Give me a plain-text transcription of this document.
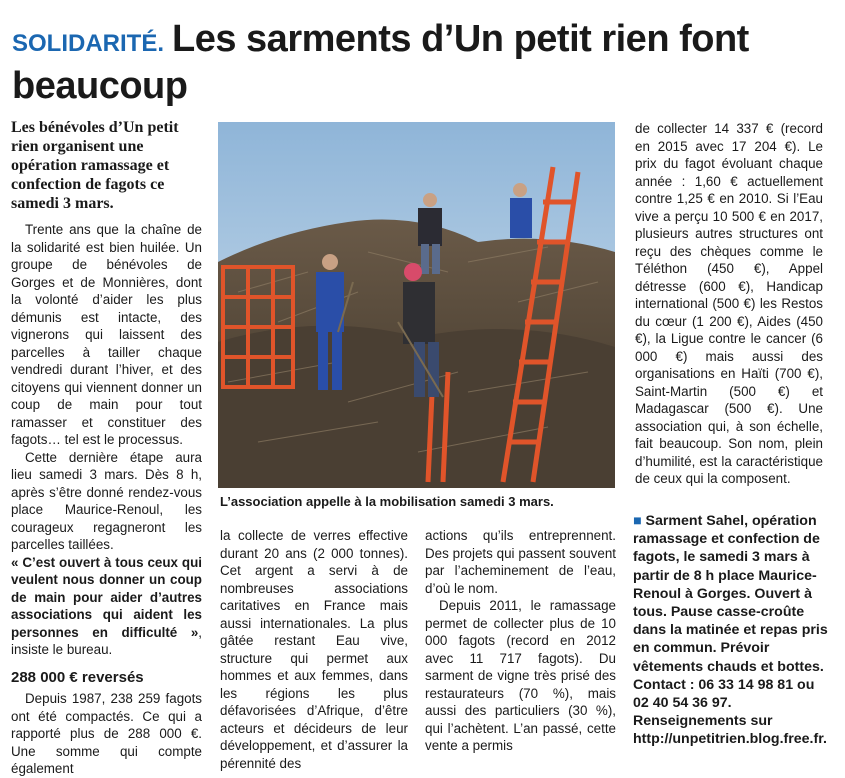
SOLIDARITÉ. Les sarments d’Un petit rien font beaucoup
Les bénévoles d’Un petit rien organisent une opération ramassage et confection de fagots ce samedi 3 mars.

Trente ans que la chaîne de la solidarité est bien huilée. Un groupe de bénévoles de Gorges et de Monnières, dont la volonté d’aider les plus démunis est intacte, des vignerons qui laissent des parcelles à tailler chaque vendredi durant l’hiver, et des citoyens qui viennent donner un coup de main pour tout ramasser et constituer des fagots… tel est le processus.

Cette dernière étape aura lieu samedi 3 mars. Dès 8 h, après s’être donné rendez-vous place Maurice-Renoul, les courageux regagneront les parcelles taillées.

« C’est ouvert à tous ceux qui veulent nous donner un coup de main pour aider d’autres associations qui aident les personnes en difficulté », insiste le bureau.

288 000 € reversés

Depuis 1987, 238 259 fagots ont été compactés. Ce qui a rapporté plus de 288 000 €. Une somme qui compte également

L’association appelle à la mobilisation samedi 3 mars.

la collecte de verres effective durant 20 ans (2 000 tonnes). Cet argent a servi à de nombreuses associations caritatives en France mais aussi internationales. La plus gâtée restant Eau vive, structure qui permet aux hommes et aux femmes, dans les régions les plus défavorisées d’Afrique, d’être acteurs et décideurs de leur développement, et d’assurer la pérennité des

actions qu’ils entreprennent. Des projets qui passent souvent par l’acheminement de l’eau, d’où le nom.

Depuis 2011, le ramassage permet de collecter plus de 10 000 fagots (record en 2012 avec 11 717 fagots). Du sarment de vigne très prisé des restaurateurs (70 %), mais aussi des particuliers (30 %), qui l’achètent. L’an passé, cette vente a permis

de collecter 14 337 € (record en 2015 avec 17 204 €). Le prix du fagot évoluant chaque année : 1,60 € actuellement contre 1,25 € en 2010. Si l’Eau vive a perçu 10 500 € en 2017, plusieurs autres structures ont reçu des chèques comme le Téléthon (450 €), Appel détresse (600 €), Handicap international (500 €) les Restos du cœur (1 200 €), Aides (450 €), la Ligue contre le cancer (6 000 €) mais aussi des organisations en Haïti (700 €), Saint-Martin (500 €) et Madagascar (500 €). Une association qui, à son échelle, fait beaucoup. Son nom, plein d’humilité, est la caractéristique de ceux qui la composent.

■ Sarment Sahel, opération ramassage et confection de fagots, le samedi 3 mars à partir de 8 h place Maurice-Renoul à Gorges. Ouvert à tous. Pause casse-croûte dans la matinée et repas pris en commun. Prévoir vêtements chauds et bottes. Contact : 06 33 14 98 81 ou 02 40 54 36 97. Renseignements sur http://unpetitrien.blog.free.fr.
